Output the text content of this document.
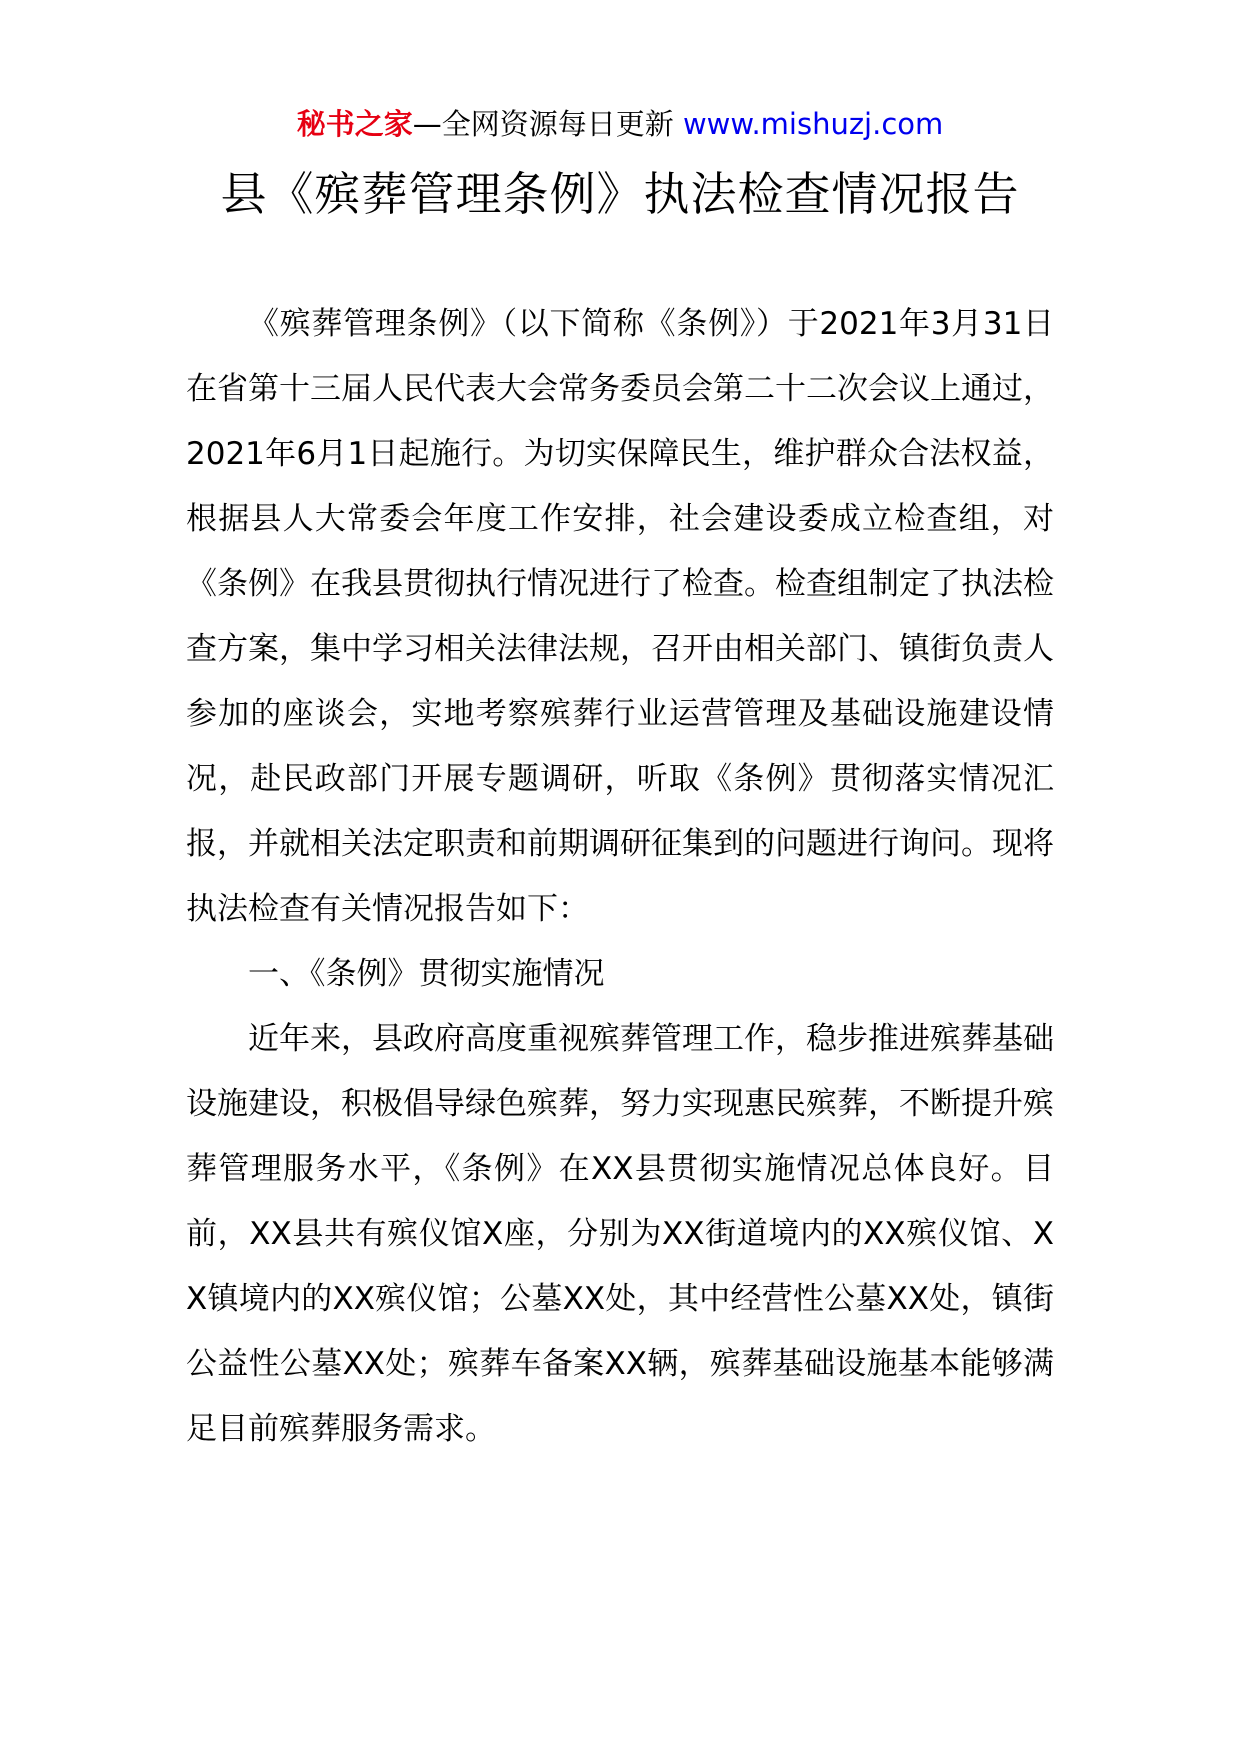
秘书之家—全网资源每日更新 www.mishuzj.com
县《殡葬管理条例》执法检查情况报告

《殡葬管理条例》（以下简称《条例》）于2021年3月31日在省第十三届人民代表大会常务委员会第二十二次会议上通过，2021年6月1日起施行。为切实保障民生，维护群众合法权益，根据县人大常委会年度工作安排，社会建设委成立检查组，对《条例》在我县贯彻执行情况进行了检查。检查组制定了执法检查方案，集中学习相关法律法规，召开由相关部门、镇街负责人参加的座谈会，实地考察殡葬行业运营管理及基础设施建设情况，赴民政部门开展专题调研，听取《条例》贯彻落实情况汇报，并就相关法定职责和前期调研征集到的问题进行询问。现将执法检查有关情况报告如下：

一、《条例》贯彻实施情况

近年来，县政府高度重视殡葬管理工作，稳步推进殡葬基础设施建设，积极倡导绿色殡葬，努力实现惠民殡葬，不断提升殡葬管理服务水平，《条例》在XX县贯彻实施情况总体良好。目前，XX县共有殡仪馆X座，分别为XX街道境内的XX殡仪馆、XX镇境内的XX殡仪馆；公墓XX处，其中经营性公墓XX处，镇街公益性公墓XX处；殡葬车备案XX辆，殡葬基础设施基本能够满足目前殡葬服务需求。
